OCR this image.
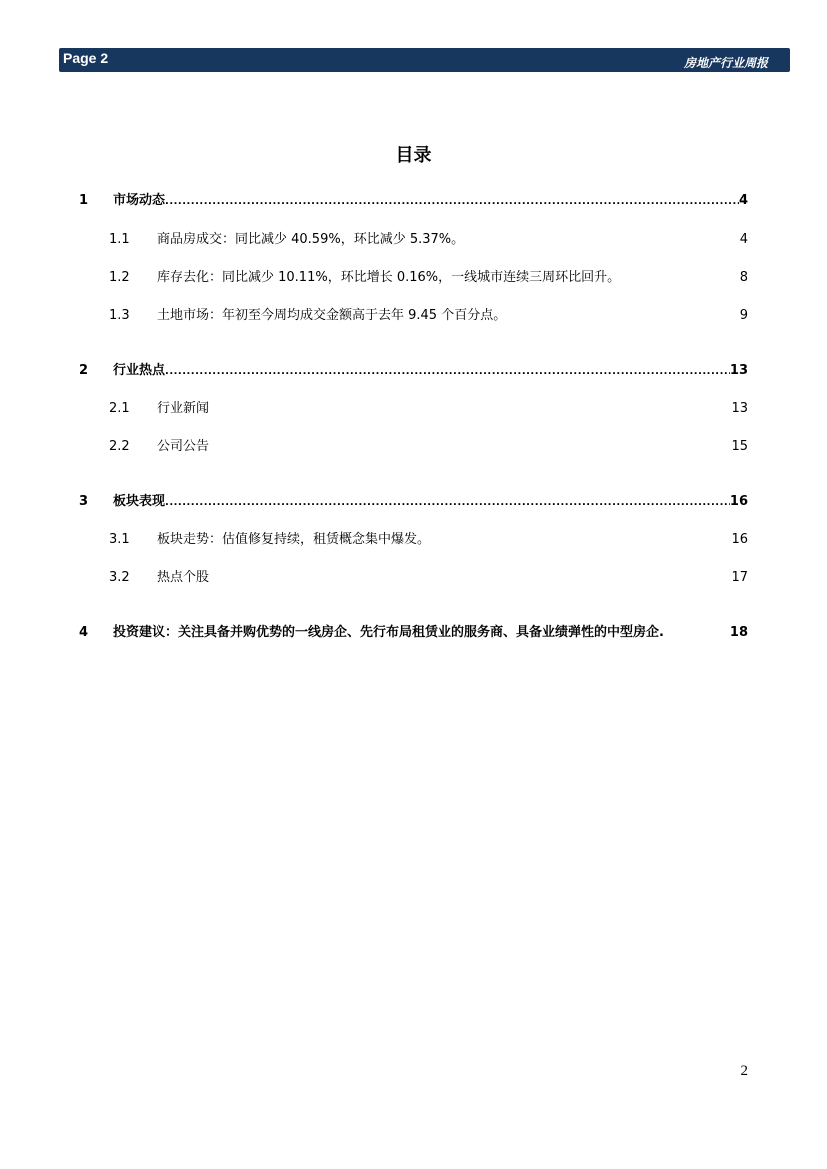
Page 2	房地产行业周报
目录
1	市场动态 .....	4
1.1	商品房成交：同比减少 40.59%，环比减少 5.37%。	4
1.2	库存去化：同比减少 10.11%，环比增长 0.16%，一线城市连续三周环比回升。	8
1.3	土地市场：年初至今周均成交金额高于去年 9.45 个百分点。	9
2	行业热点 .....	13
2.1	行业新闻	13
2.2	公司公告	15
3	板块表现 .....	16
3.1	板块走势：估值修复持续，租赁概念集中爆发。	16
3.2	热点个股	17
4	投资建议：关注具备并购优势的一线房企、先行布局租赁业的服务商、具备业绩弹性的中型房企.	18
2
